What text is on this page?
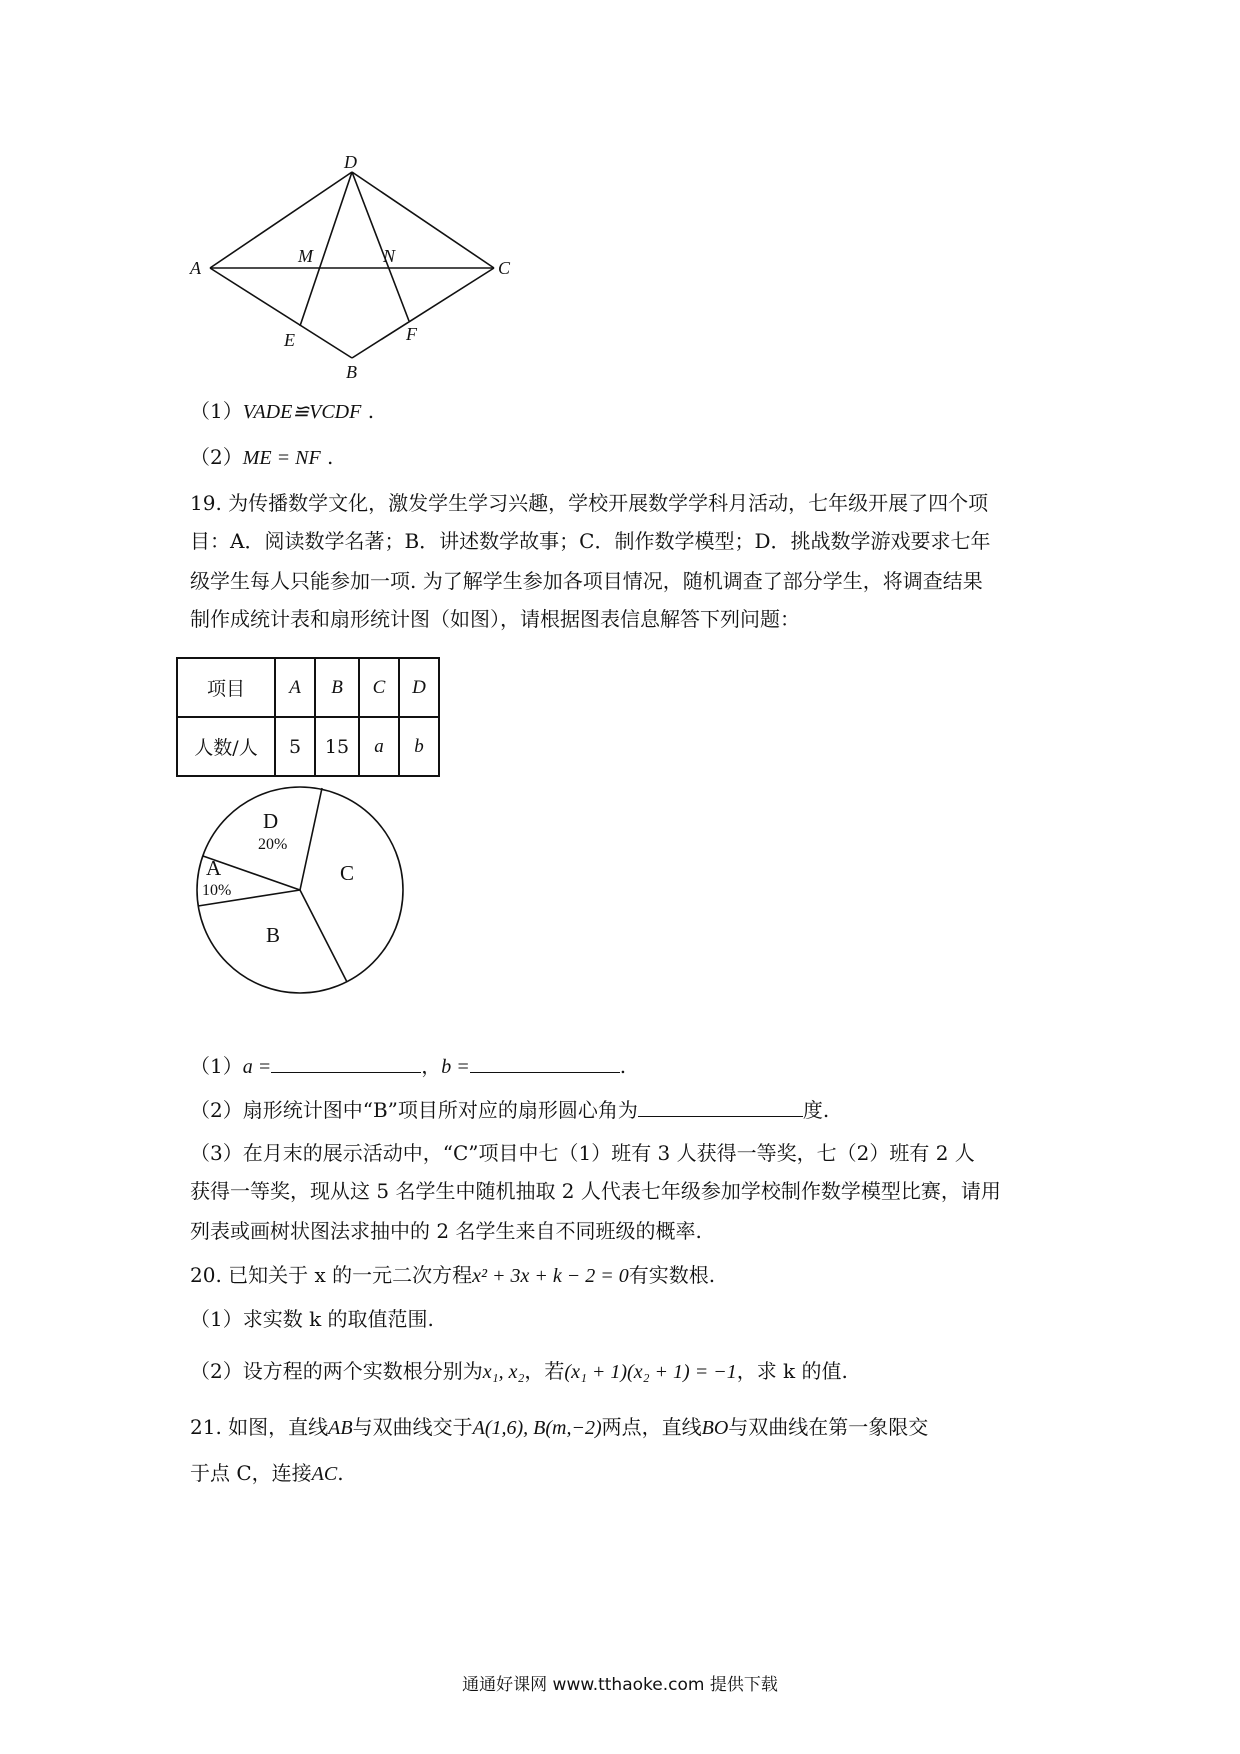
D
A
M	N
C
E	F
B
（1）VADE≌VCDF .
（2）ME = NF .
19. 为传播数学文化，激发学生学习兴趣，学校开展数学学科月活动，七年级开展了四个项
目：A．阅读数学名著；B．讲述数学故事；C．制作数学模型；D．挑战数学游戏要求七年
级学生每人只能参加一项. 为了解学生参加各项目情况，随机调查了部分学生，将调查结果
制作成统计表和扇形统计图（如图），请根据图表信息解答下列问题：
项目	A	B	C	D
人数/人	5	15	a	b
D
20%
A
10%
C
B
（1）a =	，b =	.
（2）扇形统计图中“B”项目所对应的扇形圆心角为	度.
（3）在月末的展示活动中，“C”项目中七（1）班有 3 人获得一等奖，七（2）班有 2 人
获得一等奖，现从这 5 名学生中随机抽取 2 人代表七年级参加学校制作数学模型比赛，请用
列表或画树状图法求抽中的 2 名学生来自不同班级的概率.
20. 已知关于 x 的一元二次方程x² + 3x + k − 2 = 0有实数根.
（1）求实数 k 的取值范围.
（2）设方程的两个实数根分别为x₁, x₂，若(x₁ + 1)(x₂ + 1) = −1，求 k 的值.
21. 如图，直线AB与双曲线交于A(1,6), B(m,−2)两点，直线BO与双曲线在第一象限交
于点 C，连接AC.
通通好课网 www.tthaoke.com 提供下载
